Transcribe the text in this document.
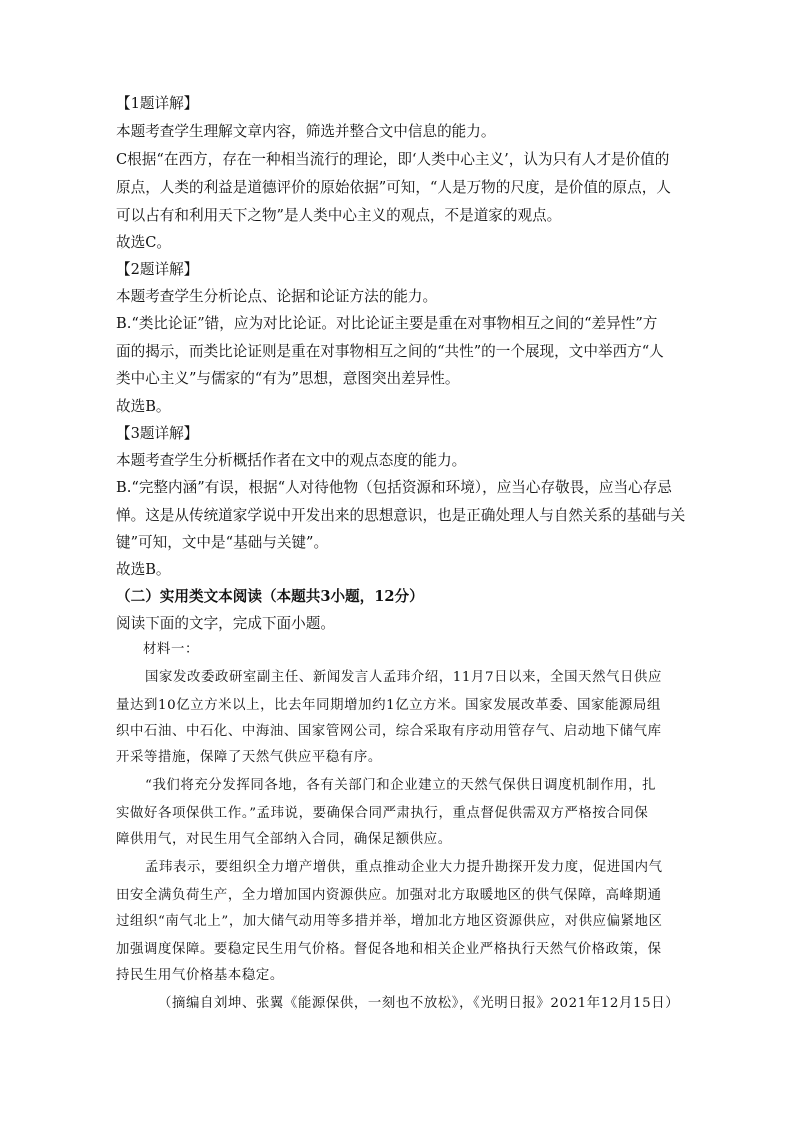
【1题详解】
本题考查学生理解文章内容，筛选并整合文中信息的能力。
C根据“在西方，存在一种相当流行的理论，即‘人类中心主义’，认为只有人才是价值的
原点，人类的利益是道德评价的原始依据”可知，“人是万物的尺度，是价值的原点，人
可以占有和利用天下之物”是人类中心主义的观点，不是道家的观点。
故选C。
【2题详解】
本题考查学生分析论点、论据和论证方法的能力。
B.“类比论证”错，应为对比论证。对比论证主要是重在对事物相互之间的“差异性”方
面的揭示，而类比论证则是重在对事物相互之间的“共性”的一个展现，文中举西方“人
类中心主义”与儒家的“有为”思想，意图突出差异性。
故选B。
【3题详解】
本题考查学生分析概括作者在文中的观点态度的能力。
B.“完整内涵”有误，根据“人对待他物（包括资源和环境），应当心存敬畏，应当心存忌
惮。这是从传统道家学说中开发出来的思想意识，也是正确处理人与自然关系的基础与关
键”可知，文中是“基础与关键”。
故选B。
（二）实用类文本阅读（本题共3小题，12分）
阅读下面的文字，完成下面小题。
材料一：
国家发改委政研室副主任、新闻发言人孟玮介绍，11月7日以来，全国天然气日供应
量达到10亿立方米以上，比去年同期增加约1亿立方米。国家发展改革委、国家能源局组
织中石油、中石化、中海油、国家管网公司，综合采取有序动用管存气、启动地下储气库
开采等措施，保障了天然气供应平稳有序。
“我们将充分发挥同各地，各有关部门和企业建立的天然气保供日调度机制作用，扎
实做好各项保供工作。”孟玮说，要确保合同严肃执行，重点督促供需双方严格按合同保
障供用气，对民生用气全部纳入合同，确保足额供应。
孟玮表示，要组织全力增产增供，重点推动企业大力提升勘探开发力度，促进国内气
田安全满负荷生产，全力增加国内资源供应。加强对北方取暖地区的供气保障，高峰期通
过组织“南气北上”，加大储气动用等多措并举，增加北方地区资源供应，对供应偏紧地区
加强调度保障。要稳定民生用气价格。督促各地和相关企业严格执行天然气价格政策，保
持民生用气价格基本稳定。
（摘编自刘坤、张翼《能源保供，一刻也不放松》，《光明日报》2021年12月15日）
